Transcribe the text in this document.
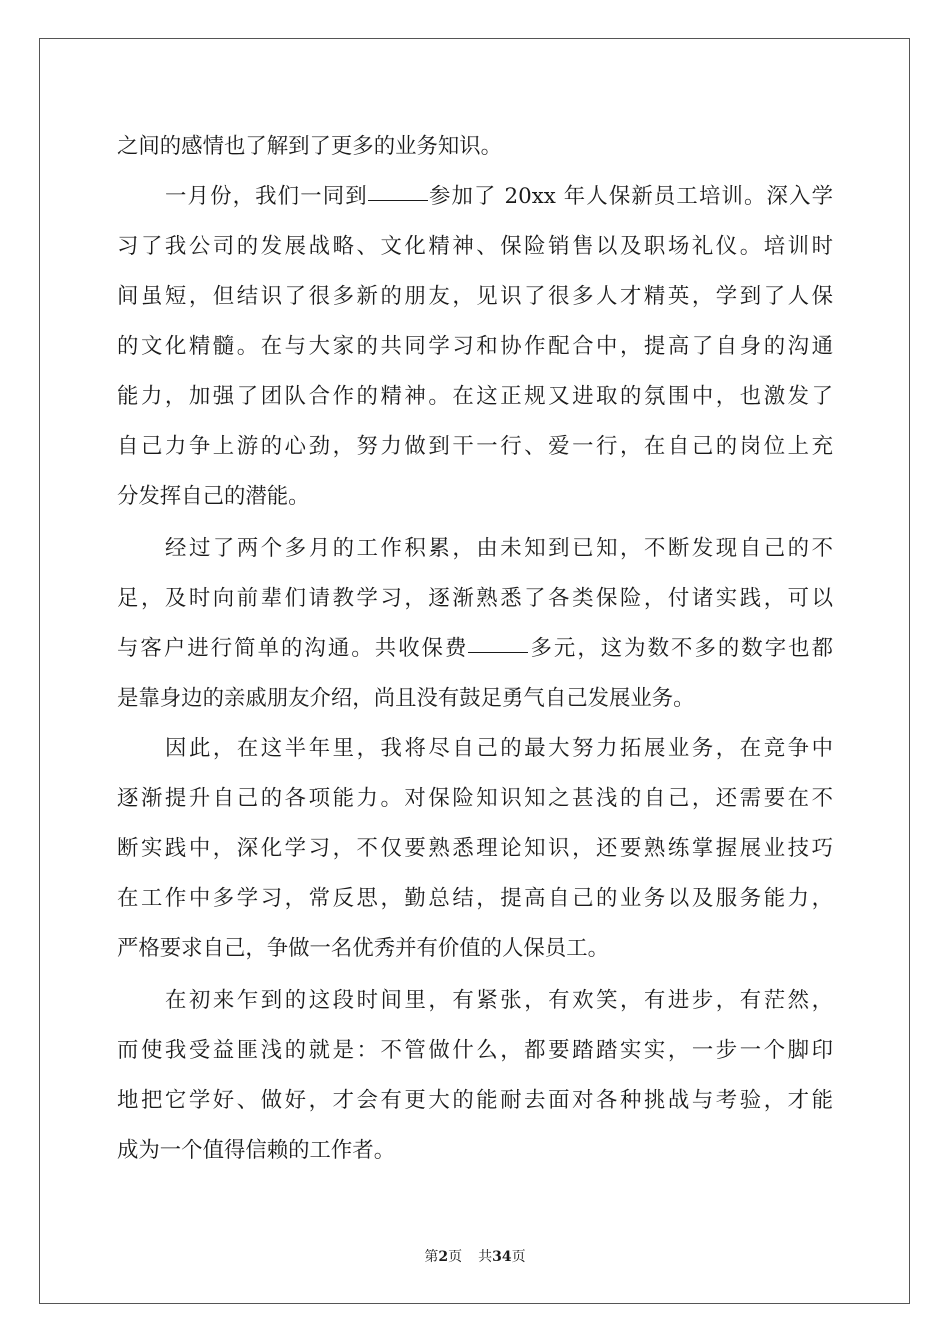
之间的感情也了解到了更多的业务知识。
一月份，我们一同到	参加了 20xx 年人保新员工培训。深入学
习了我公司的发展战略、文化精神、保险销售以及职场礼仪。培训时
间虽短，但结识了很多新的朋友，见识了很多人才精英，学到了人保
的文化精髓。在与大家的共同学习和协作配合中，提高了自身的沟通
能力，加强了团队合作的精神。在这正规又进取的氛围中，也激发了
自己力争上游的心劲，努力做到干一行、爱一行，在自己的岗位上充
分发挥自己的潜能。
经过了两个多月的工作积累，由未知到已知，不断发现自己的不
足，及时向前辈们请教学习，逐渐熟悉了各类保险，付诸实践，可以
与客户进行简单的沟通。共收保费	多元，这为数不多的数字也都
是靠身边的亲戚朋友介绍，尚且没有鼓足勇气自己发展业务。
因此，在这半年里，我将尽自己的最大努力拓展业务，在竞争中
逐渐提升自己的各项能力。对保险知识知之甚浅的自己，还需要在不
断实践中，深化学习，不仅要熟悉理论知识，还要熟练掌握展业技巧
在工作中多学习，常反思，勤总结，提高自己的业务以及服务能力，
严格要求自己，争做一名优秀并有价值的人保员工。
在初来乍到的这段时间里，有紧张，有欢笑，有进步，有茫然，
而使我受益匪浅的就是：不管做什么，都要踏踏实实，一步一个脚印
地把它学好、做好，才会有更大的能耐去面对各种挑战与考验，才能
成为一个值得信赖的工作者。
第2页 共34页
